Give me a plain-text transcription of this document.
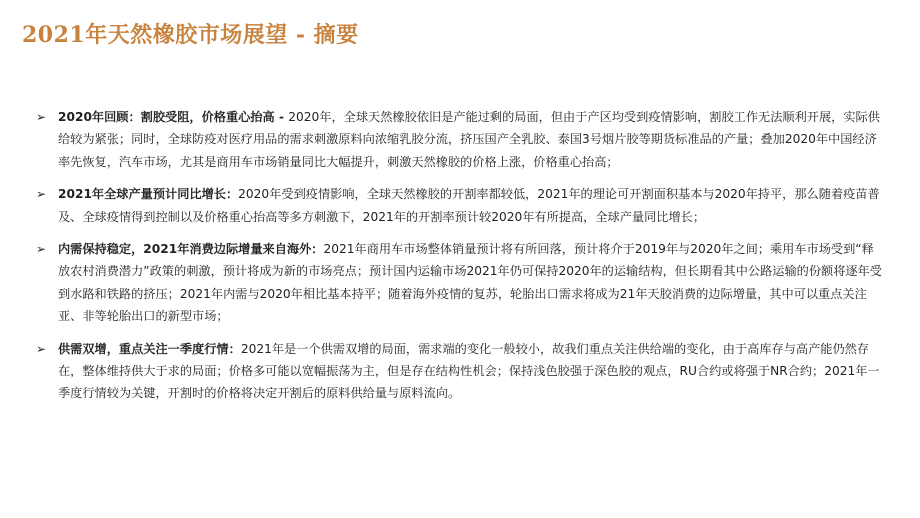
2021年天然橡胶市场展望 - 摘要
➢ 2020年回顾：割胶受阻，价格重心抬高 - 2020年，全球天然橡胶依旧是产能过剩的局面，但由于产区均受到疫情影响，割胶工作无法顺利开展，实际供给较为紧张；同时，全球防疫对医疗用品的需求刺激原料向浓缩乳胶分流，挤压国产全乳胶、泰国3号烟片胶等期货标准品的产量；叠加2020年中国经济率先恢复，汽车市场，尤其是商用车市场销量同比大幅提升，刺激天然橡胶的价格上涨，价格重心抬高；
➢ 2021年全球产量预计同比增长：2020年受到疫情影响，全球天然橡胶的开割率都较低，2021年的理论可开割面积基本与2020年持平，那么随着疫苗普及、全球疫情得到控制以及价格重心抬高等多方刺激下，2021年的开割率预计较2020年有所提高，全球产量同比增长；
➢ 内需保持稳定，2021年消费边际增量来自海外：2021年商用车市场整体销量预计将有所回落，预计将介于2019年与2020年之间；乘用车市场受到“释放农村消费潜力”政策的刺激，预计将成为新的市场亮点；预计国内运输市场2021年仍可保持2020年的运输结构，但长期看其中公路运输的份额将逐年受到水路和铁路的挤压；2021年内需与2020年相比基本持平；随着海外疫情的复苏，轮胎出口需求将成为21年天胶消费的边际增量，其中可以重点关注亚、非等轮胎出口的新型市场；
➢ 供需双增，重点关注一季度行情：2021年是一个供需双增的局面，需求端的变化一般较小，故我们重点关注供给端的变化，由于高库存与高产能仍然存在，整体维持供大于求的局面；价格多可能以宽幅振荡为主，但是存在结构性机会；保持浅色胶强于深色胶的观点，RU合约或将强于NR合约；2021年一季度行情较为关键，开割时的价格将决定开割后的原料供给量与原料流向。
